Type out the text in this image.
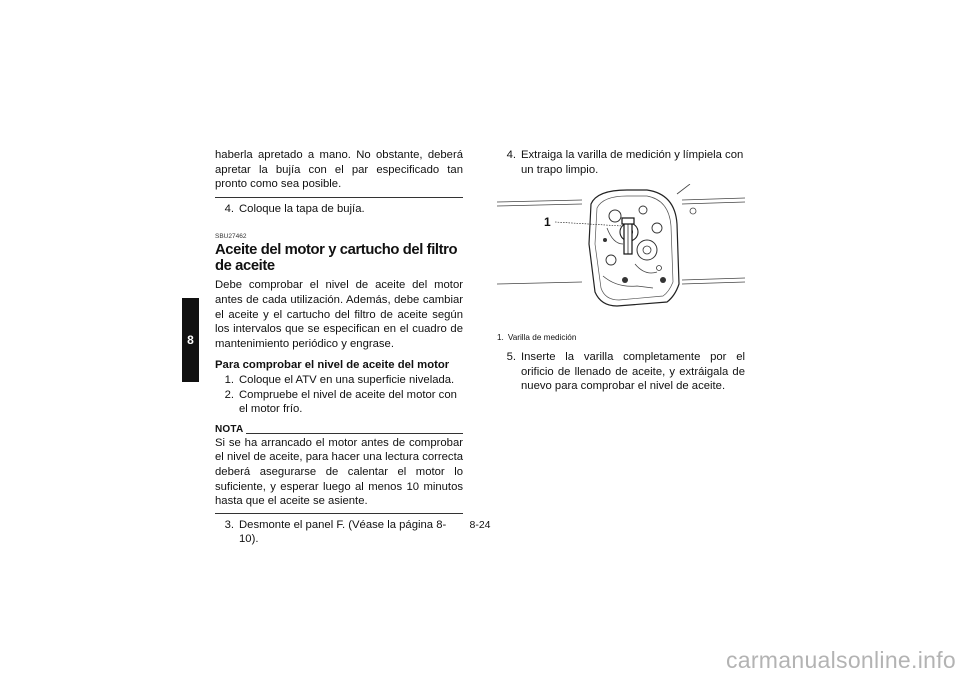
8

haberla apretado a mano. No obstante, deberá apretar la bujía con el par especificado tan pronto como sea posible.

4. Coloque la tapa de bujía.
SBU27462
Aceite del motor y cartucho del filtro de aceite

Debe comprobar el nivel de aceite del motor antes de cada utilización. Además, debe cambiar el aceite y el cartucho del filtro de aceite según los intervalos que se especifican en el cuadro de mantenimiento periódico y engrase.

Para comprobar el nivel de aceite del motor

1. Coloque el ATV en una superficie nivelada.
2. Compruebe el nivel de aceite del motor con el motor frío.
NOTA

Si se ha arrancado el motor antes de comprobar el nivel de aceite, para hacer una lectura correcta deberá asegurarse de calentar el motor lo suficiente, y esperar luego al menos 10 minutos hasta que el aceite se asiente.

3. Desmonte el panel F. (Véase la página 8-10).
4. Extraiga la varilla de medición y límpiela con un trapo limpio.
1
1. Varilla de medición
5. Inserte la varilla completamente por el orificio de llenado de aceite, y extráigala de nuevo para comprobar el nivel de aceite.
8-24
carmanualsonline.info
